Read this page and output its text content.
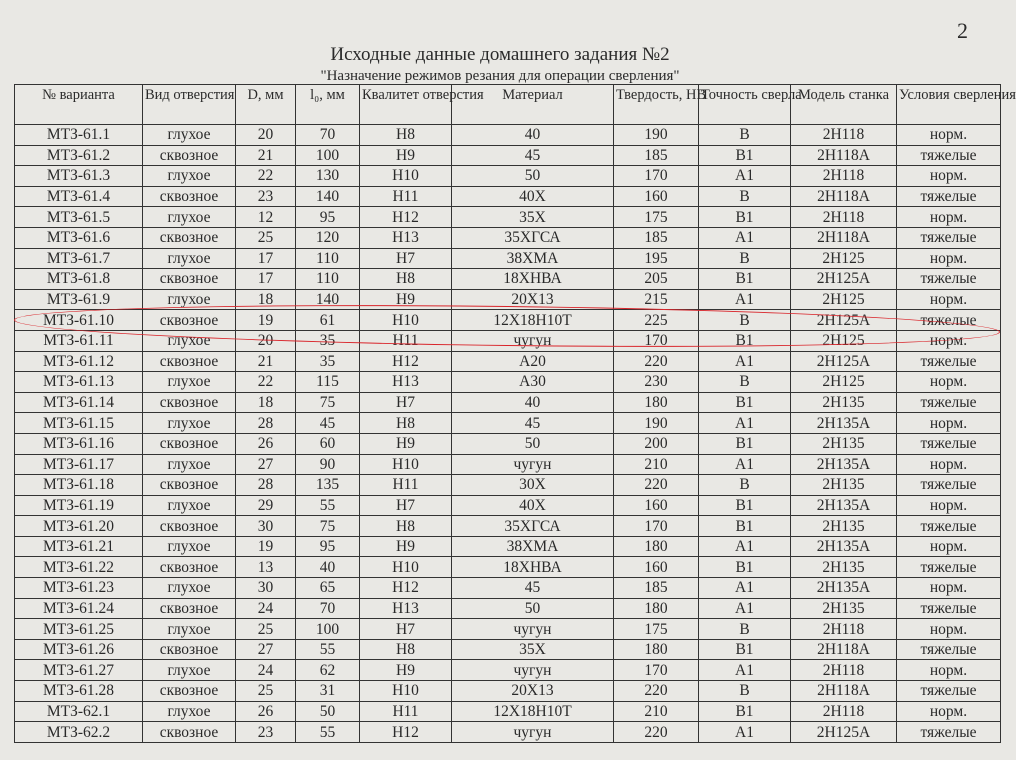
2
Исходные данные домашнего задания №2
"Назначение режимов резания для операции сверления"
№ варианта	Вид отверстия	D, мм	l₀, мм	Квалитет отверстия	Материал	Твердость, НВ	Точность сверла	Модель станка	Условия сверления
МТЗ-61.1	глухое	20	70	Н8	40	190	В	2Н118	норм.
МТЗ-61.2	сквозное	21	100	Н9	45	185	В1	2Н118А	тяжелые
МТЗ-61.3	глухое	22	130	Н10	50	170	А1	2Н118	норм.
МТЗ-61.4	сквозное	23	140	Н11	40Х	160	В	2Н118А	тяжелые
МТЗ-61.5	глухое	12	95	Н12	35Х	175	В1	2Н118	норм.
МТЗ-61.6	сквозное	25	120	Н13	35ХГСА	185	А1	2Н118А	тяжелые
МТЗ-61.7	глухое	17	110	Н7	38ХМА	195	В	2Н125	норм.
МТЗ-61.8	сквозное	17	110	Н8	18ХНВА	205	В1	2Н125А	тяжелые
МТЗ-61.9	глухое	18	140	Н9	20Х13	215	А1	2Н125	норм.
МТЗ-61.10	сквозное	19	61	Н10	12Х18Н10Т	225	В	2Н125А	тяжелые
МТЗ-61.11	глухое	20	35	Н11	чугун	170	В1	2Н125	норм.
МТЗ-61.12	сквозное	21	35	Н12	А20	220	А1	2Н125А	тяжелые
МТЗ-61.13	глухое	22	115	Н13	А30	230	В	2Н125	норм.
МТЗ-61.14	сквозное	18	75	Н7	40	180	В1	2Н135	тяжелые
МТЗ-61.15	глухое	28	45	Н8	45	190	А1	2Н135А	норм.
МТЗ-61.16	сквозное	26	60	Н9	50	200	В1	2Н135	тяжелые
МТЗ-61.17	глухое	27	90	Н10	чугун	210	А1	2Н135А	норм.
МТЗ-61.18	сквозное	28	135	Н11	30Х	220	В	2Н135	тяжелые
МТЗ-61.19	глухое	29	55	Н7	40Х	160	В1	2Н135А	норм.
МТЗ-61.20	сквозное	30	75	Н8	35ХГСА	170	В1	2Н135	тяжелые
МТЗ-61.21	глухое	19	95	Н9	38ХМА	180	А1	2Н135А	норм.
МТЗ-61.22	сквозное	13	40	Н10	18ХНВА	160	В1	2Н135	тяжелые
МТЗ-61.23	глухое	30	65	Н12	45	185	А1	2Н135А	норм.
МТЗ-61.24	сквозное	24	70	Н13	50	180	А1	2Н135	тяжелые
МТЗ-61.25	глухое	25	100	Н7	чугун	175	В	2Н118	норм.
МТЗ-61.26	сквозное	27	55	Н8	35Х	180	В1	2Н118А	тяжелые
МТЗ-61.27	глухое	24	62	Н9	чугун	170	А1	2Н118	норм.
МТЗ-61.28	сквозное	25	31	Н10	20Х13	220	В	2Н118А	тяжелые
МТЗ-62.1	глухое	26	50	Н11	12Х18Н10Т	210	В1	2Н118	норм.
МТЗ-62.2	сквозное	23	55	Н12	чугун	220	А1	2Н125А	тяжелые
